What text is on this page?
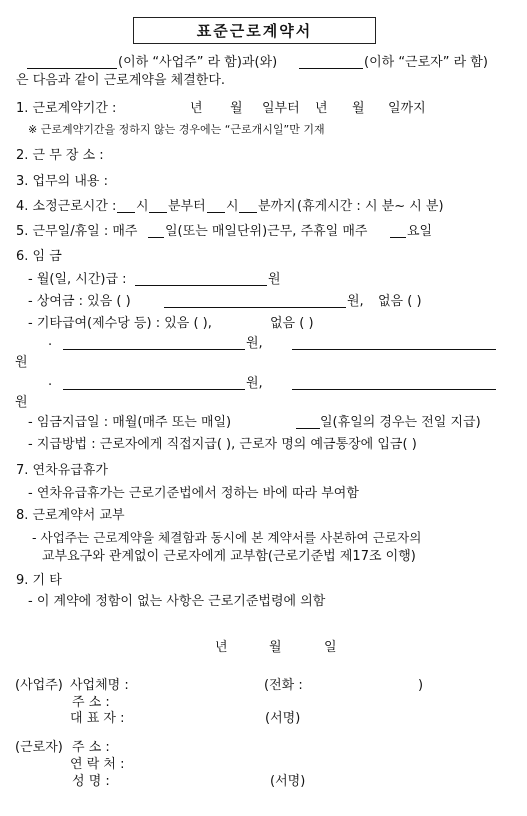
표준근로계약서
(이하 “사업주” 라 함)과(와)	(이하 “근로자” 라 함)
은 다음과 같이 근로계약을 체결한다.
1. 근로계약기간 :	년 월 일부터 년 월 일까지
※ 근로계약기간을 정하지 않는 경우에는 “근로개시일”만 기재
2. 근 무 장 소 :
3. 업무의 내용 :
4. 소정근로시간 : 시 분부터 시 분까지 (휴게시간 : 시 분~ 시 분)
5. 근무일/휴일 : 매주 일(또는 매일단위)근무, 주휴일 매주	요일
6. 임 금
- 월(일, 시간)급 :	원
- 상여금 : 있음 ( )	원, 없음 ( )
- 기타급여(제수당 등) : 있음 ( ),	없음 ( )
·	원,
원
·	원,
원
- 임금지급일 : 매월(매주 또는 매일)	일(휴일의 경우는 전일 지급)
- 지급방법 : 근로자에게 직접지급( ), 근로자 명의 예금통장에 입금( )
7. 연차유급휴가
- 연차유급휴가는 근로기준법에서 정하는 바에 따라 부여함
8. 근로계약서 교부
- 사업주는 근로계약을 체결함과 동시에 본 계약서를 사본하여 근로자의
교부요구와 관계없이 근로자에게 교부함(근로기준법 제17조 이행)
9. 기 타
- 이 계약에 정함이 없는 사항은 근로기준법령에 의함
년	월	일
(사업주) 사업체명 :	(전화 :	)
주 소 :
대 표 자 :	(서명)
(근로자) 주 소 :
연 락 처 :
성 명 :	(서명)
